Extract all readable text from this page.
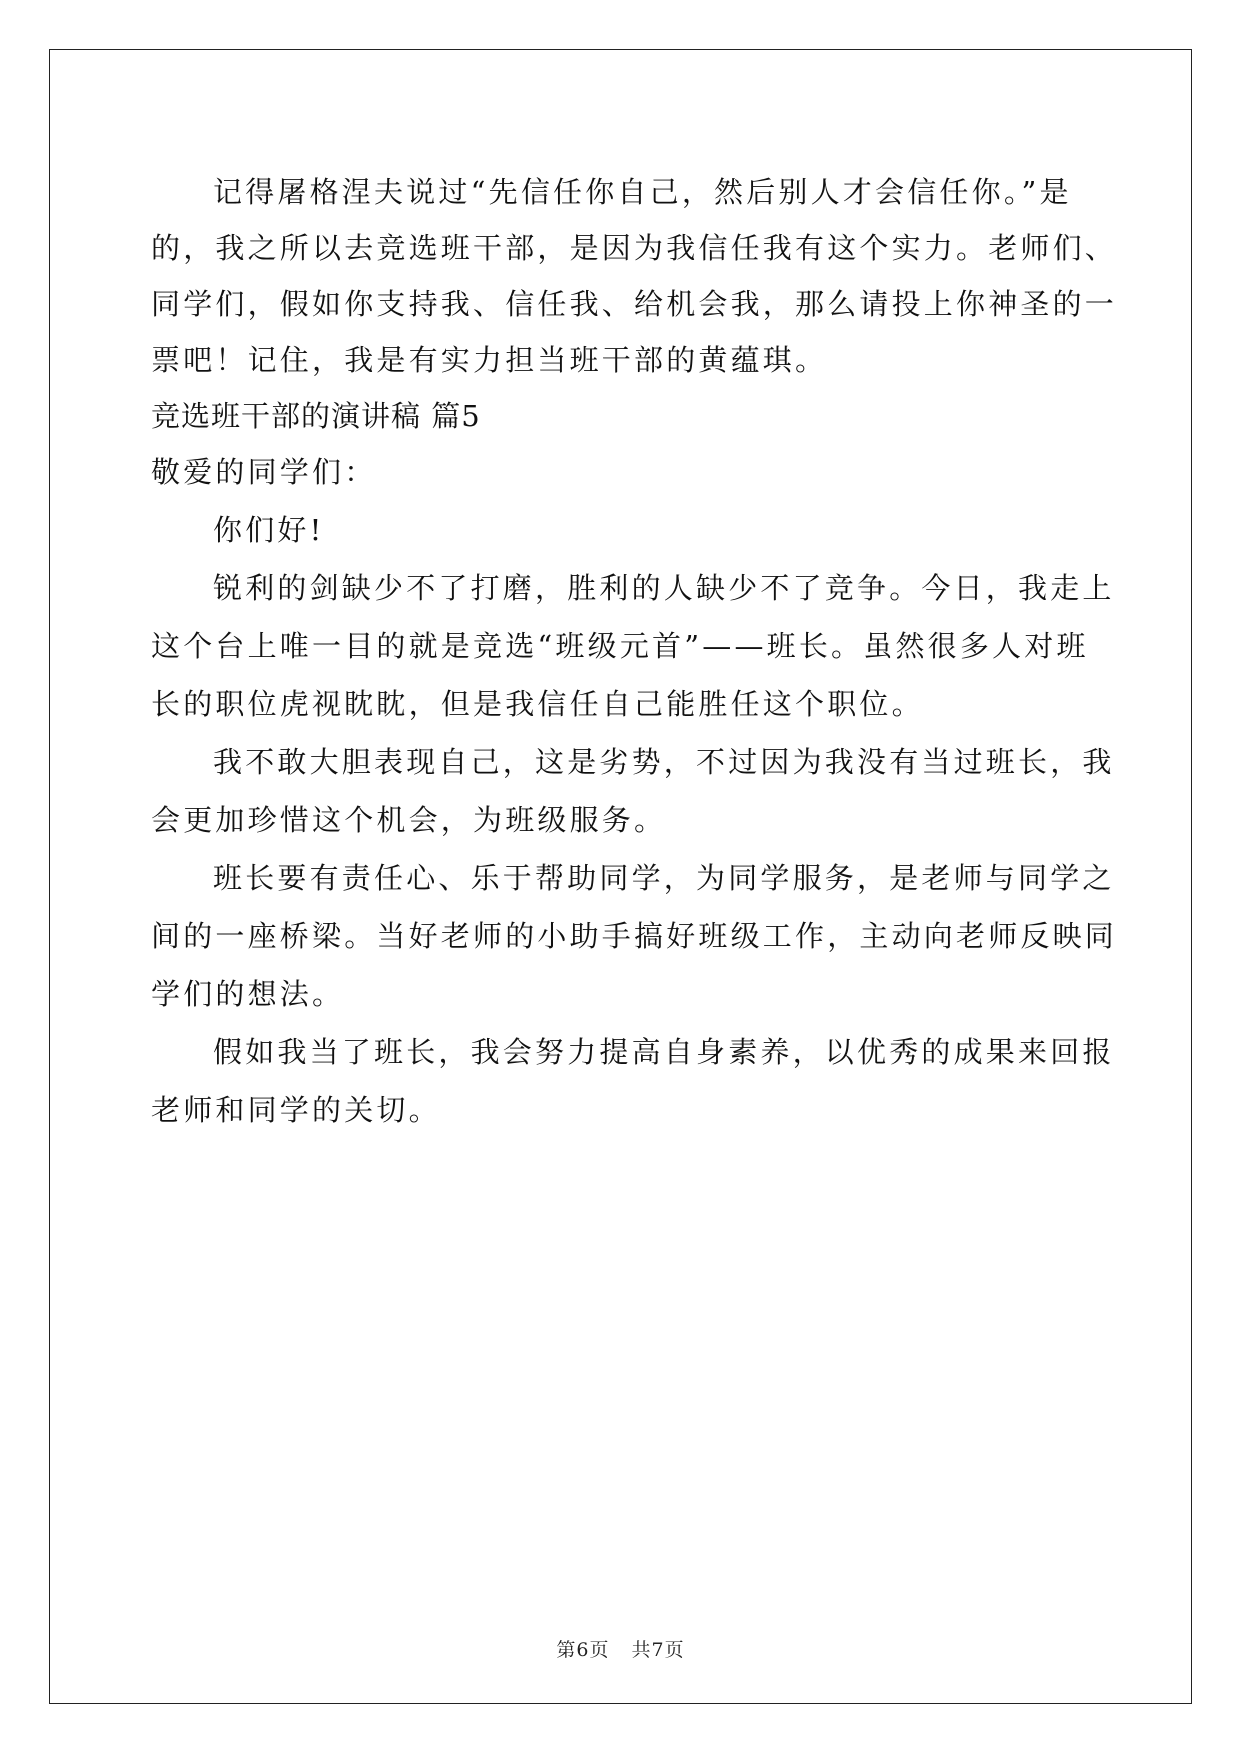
记得屠格涅夫说过“先信任你自己，然后别人才会信任你。”是
的，我之所以去竞选班干部，是因为我信任我有这个实力。老师们、
同学们，假如你支持我、信任我、给机会我，那么请投上你神圣的一
票吧！记住，我是有实力担当班干部的黄蕴琪。
竞选班干部的演讲稿 篇5
敬爱的同学们：
你们好!
锐利的剑缺少不了打磨，胜利的人缺少不了竞争。今日，我走上
这个台上唯一目的就是竞选“班级元首”——班长。虽然很多人对班
长的职位虎视眈眈，但是我信任自己能胜任这个职位。
我不敢大胆表现自己，这是劣势，不过因为我没有当过班长，我
会更加珍惜这个机会，为班级服务。
班长要有责任心、乐于帮助同学，为同学服务，是老师与同学之
间的一座桥梁。当好老师的小助手搞好班级工作，主动向老师反映同
学们的想法。
假如我当了班长，我会努力提高自身素养，以优秀的成果来回报
老师和同学的关切。
第6页 共7页
